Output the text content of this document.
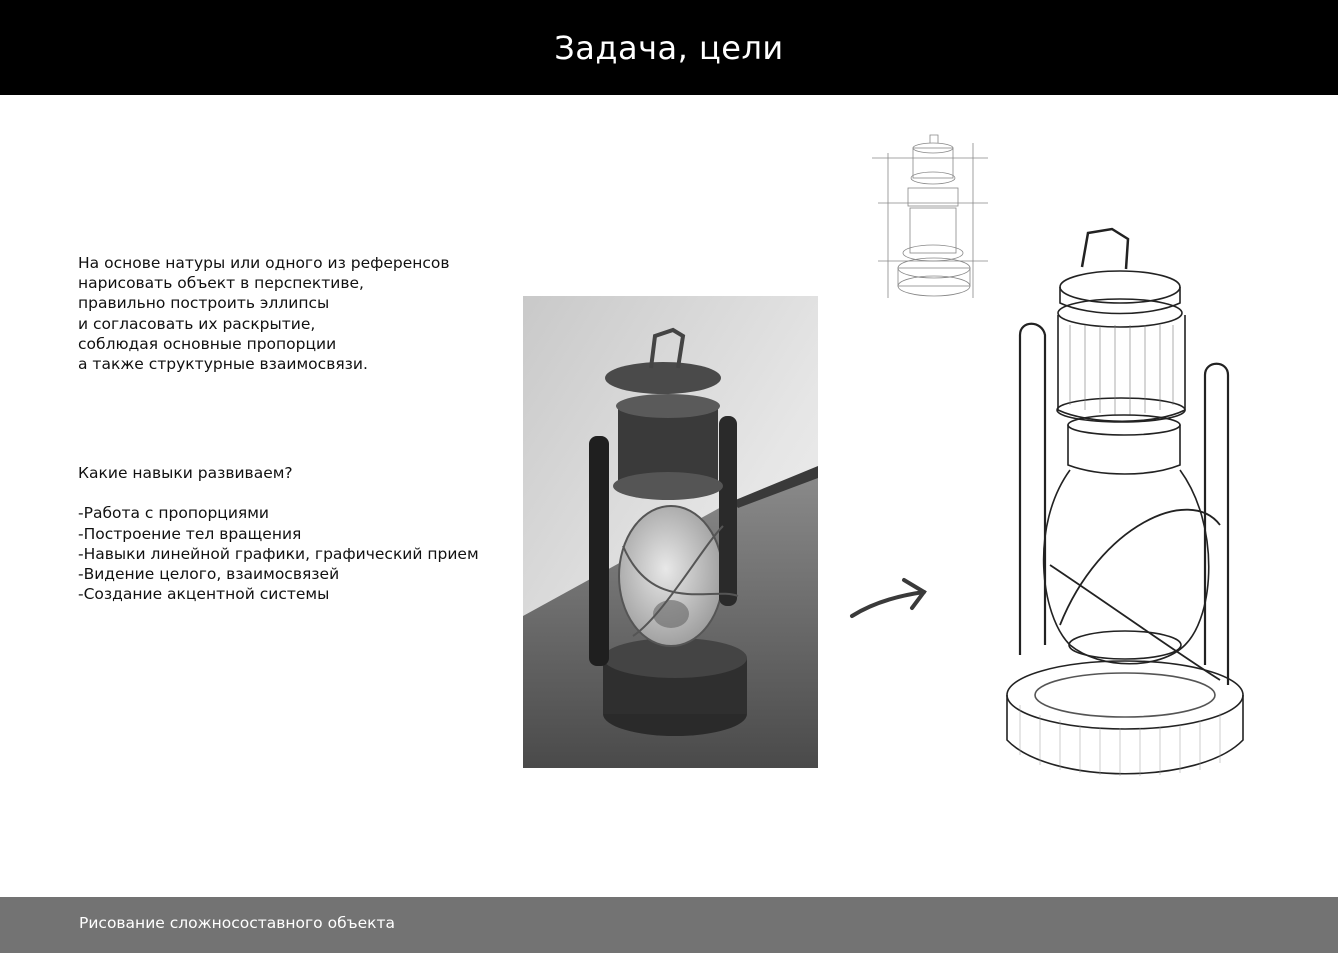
Задача, цели
На основе натуры или одного из референсов
нарисовать объект в перспективе,
правильно построить эллипсы
и согласовать их раскрытие,
соблюдая основные пропорции
а также структурные взаимосвязи.
Какие навыки развиваем?
-Работа с пропорциями
-Построение тел вращения
-Навыки линейной графики, графический прием
-Видение целого, взаимосвязей
-Создание акцентной системы
Рисование сложносоставного объекта
